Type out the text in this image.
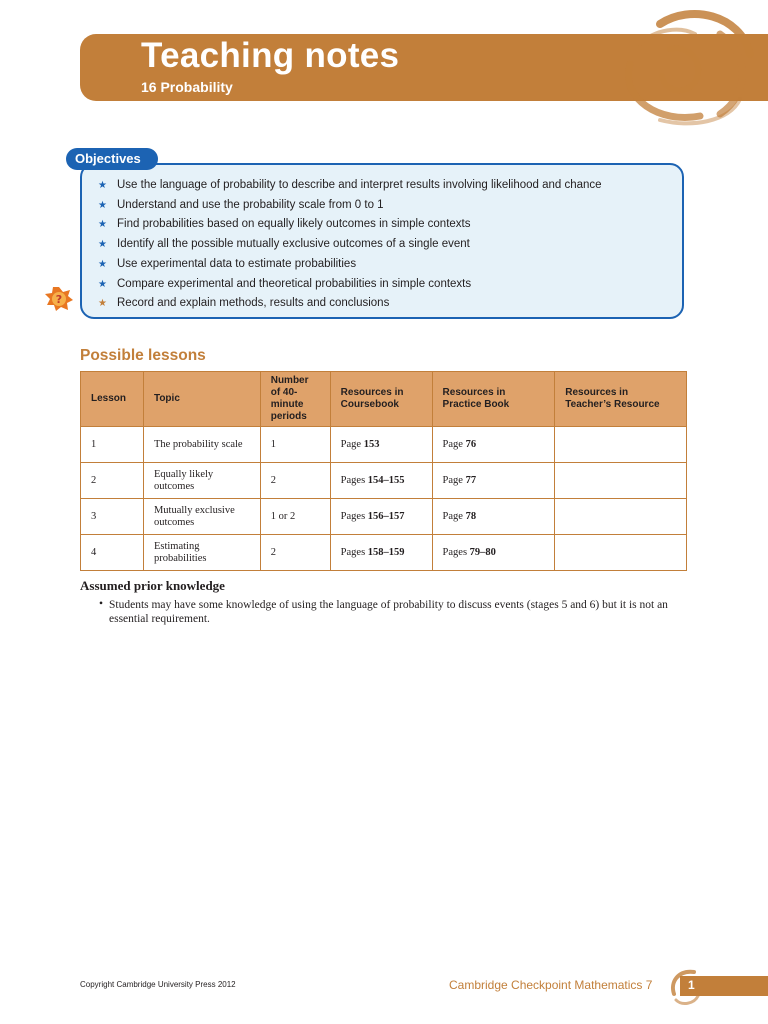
Teaching notes
16 Probability
Objectives
★ Use the language of probability to describe and interpret results involving likelihood and chance
★ Understand and use the probability scale from 0 to 1
★ Find probabilities based on equally likely outcomes in simple contexts
★ Identify all the possible mutually exclusive outcomes of a single event
★ Use experimental data to estimate probabilities
★ Compare experimental and theoretical probabilities in simple contexts
★ Record and explain methods, results and conclusions
?
Possible lessons
Lesson	Topic	Number of 40-minute periods	Resources in Coursebook	Resources in Practice Book	Resources in Teacher’s Resource
1	The probability scale	1	Page 153	Page 76	
2	Equally likely outcomes	2	Pages 154–155	Page 77	
3	Mutually exclusive outcomes	1 or 2	Pages 156–157	Page 78	
4	Estimating probabilities	2	Pages 158–159	Pages 79–80	
Assumed prior knowledge
• Students may have some knowledge of using the language of probability to discuss events (stages 5 and 6) but it is not an essential requirement.
Copyright Cambridge University Press 2012	Cambridge Checkpoint Mathematics 7	1
